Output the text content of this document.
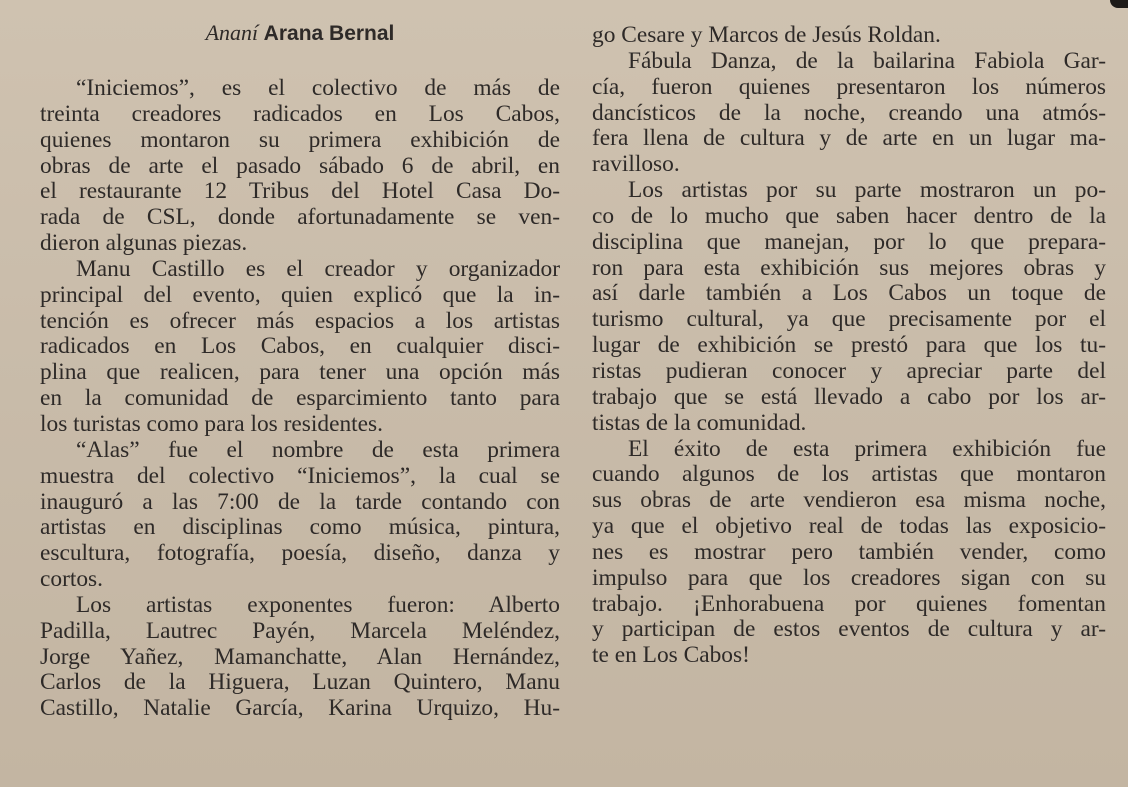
Ananí Arana Bernal
“Iniciemos”, es el colectivo de más de
treinta creadores radicados en Los Cabos,
quienes montaron su primera exhibición de
obras de arte el pasado sábado 6 de abril, en
el restaurante 12 Tribus del Hotel Casa Do-
rada de CSL, donde afortunadamente se ven-
dieron algunas piezas.
Manu Castillo es el creador y organizador
principal del evento, quien explicó que la in-
tención es ofrecer más espacios a los artistas
radicados en Los Cabos, en cualquier disci-
plina que realicen, para tener una opción más
en la comunidad de esparcimiento tanto para
los turistas como para los residentes.
“Alas” fue el nombre de esta primera
muestra del colectivo “Iniciemos”, la cual se
inauguró a las 7:00 de la tarde contando con
artistas en disciplinas como música, pintura,
escultura, fotografía, poesía, diseño, danza y
cortos.
Los artistas exponentes fueron: Alberto
Padilla, Lautrec Payén, Marcela Meléndez,
Jorge Yañez, Mamanchatte, Alan Hernández,
Carlos de la Higuera, Luzan Quintero, Manu
Castillo, Natalie García, Karina Urquizo, Hu-
go Cesare y Marcos de Jesús Roldan.
Fábula Danza, de la bailarina Fabiola Gar-
cía, fueron quienes presentaron los números
dancísticos de la noche, creando una atmós-
fera llena de cultura y de arte en un lugar ma-
ravilloso.
Los artistas por su parte mostraron un po-
co de lo mucho que saben hacer dentro de la
disciplina que manejan, por lo que prepara-
ron para esta exhibición sus mejores obras y
así darle también a Los Cabos un toque de
turismo cultural, ya que precisamente por el
lugar de exhibición se prestó para que los tu-
ristas pudieran conocer y apreciar parte del
trabajo que se está llevado a cabo por los ar-
tistas de la comunidad.
El éxito de esta primera exhibición fue
cuando algunos de los artistas que montaron
sus obras de arte vendieron esa misma noche,
ya que el objetivo real de todas las exposicio-
nes es mostrar pero también vender, como
impulso para que los creadores sigan con su
trabajo. ¡Enhorabuena por quienes fomentan
y participan de estos eventos de cultura y ar-
te en Los Cabos!
